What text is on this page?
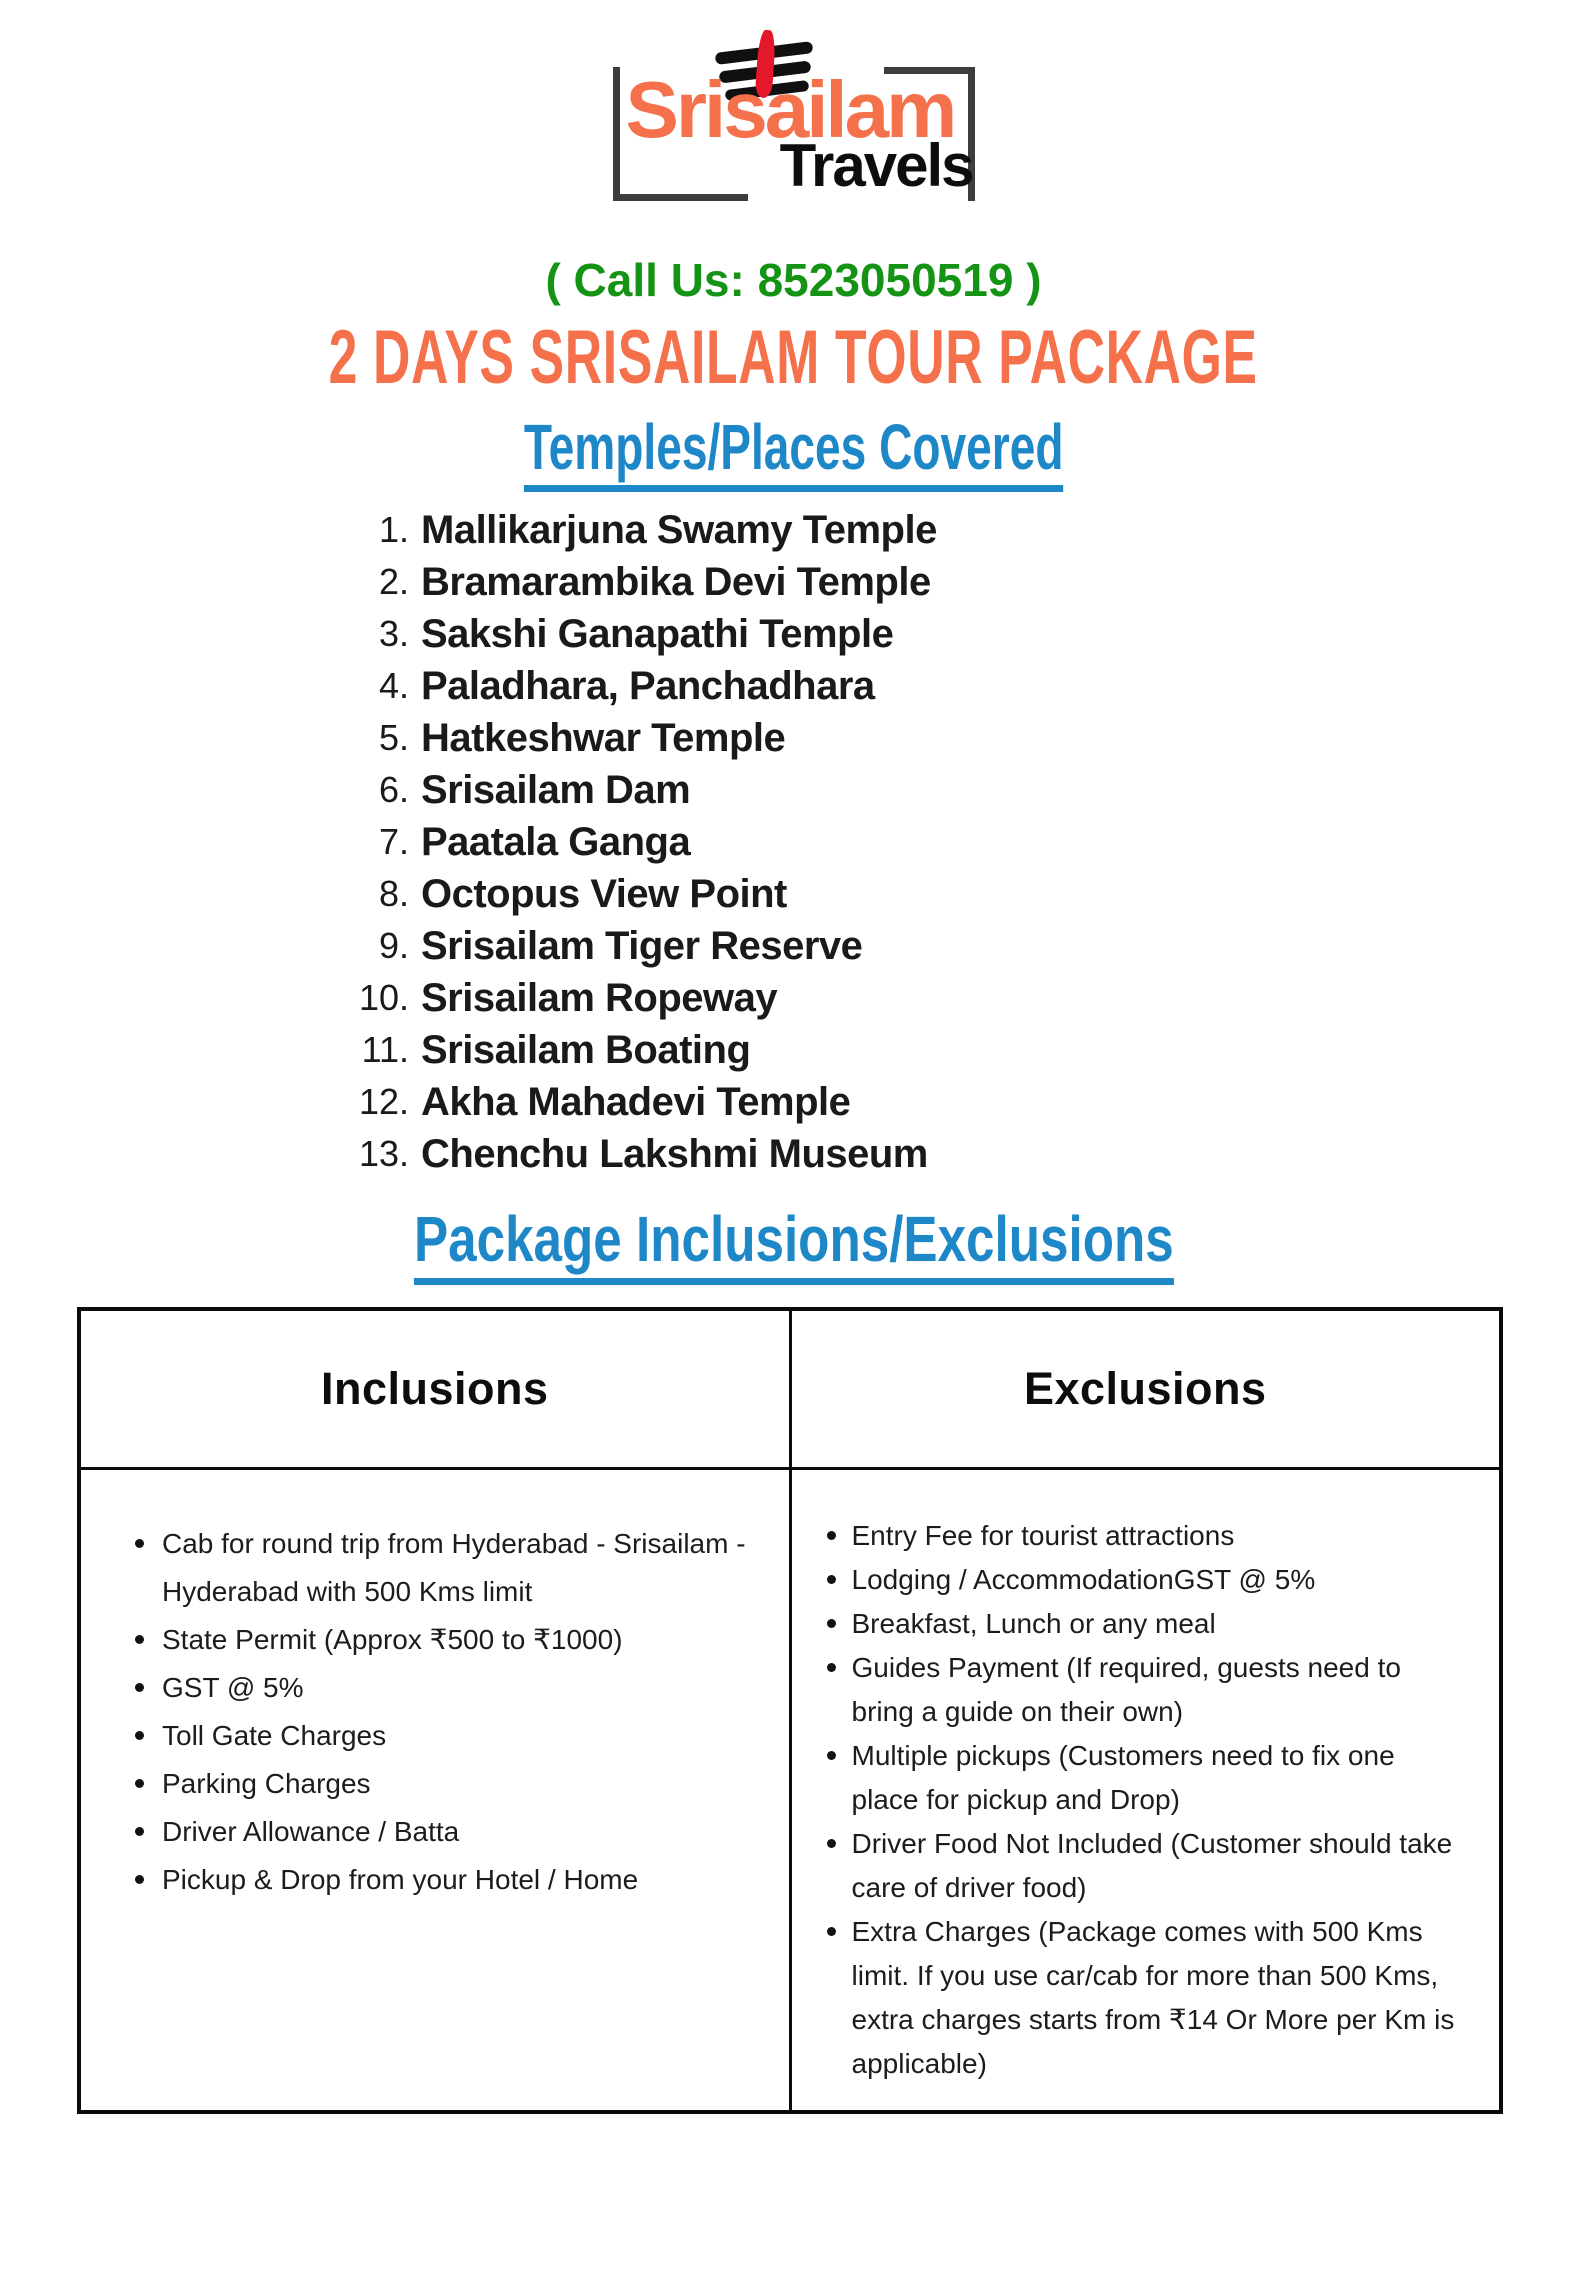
Srisailam
Travels
( Call Us: 8523050519 )
2 DAYS SRISAILAM TOUR PACKAGE
Temples/Places Covered
1. Mallikarjuna Swamy Temple
2. Bramarambika Devi Temple
3. Sakshi Ganapathi Temple
4. Paladhara, Panchadhara
5. Hatkeshwar Temple
6. Srisailam Dam
7. Paatala Ganga
8. Octopus View Point
9. Srisailam Tiger Reserve
10. Srisailam Ropeway
11. Srisailam Boating
12. Akha Mahadevi Temple
13. Chenchu Lakshmi Museum
Package Inclusions/Exclusions
Inclusions	Exclusions

Cab for round trip from Hyderabad - Srisailam - Hyderabad with 500 Kms limit
State Permit (Approx ₹500 to ₹1000)
GST @ 5%
Toll Gate Charges
Parking Charges
Driver Allowance / Batta
Pickup & Drop from your Hotel / Home

Entry Fee for tourist attractions
Lodging / AccommodationGST @ 5%
Breakfast, Lunch or any meal
Guides Payment (If required, guests need to bring a guide on their own)
Multiple pickups (Customers need to fix one place for pickup and Drop)
Driver Food Not Included (Customer should take care of driver food)
Extra Charges (Package comes with 500 Kms limit. If you use car/cab for more than 500 Kms, extra charges starts from ₹14 Or More per Km is applicable)
